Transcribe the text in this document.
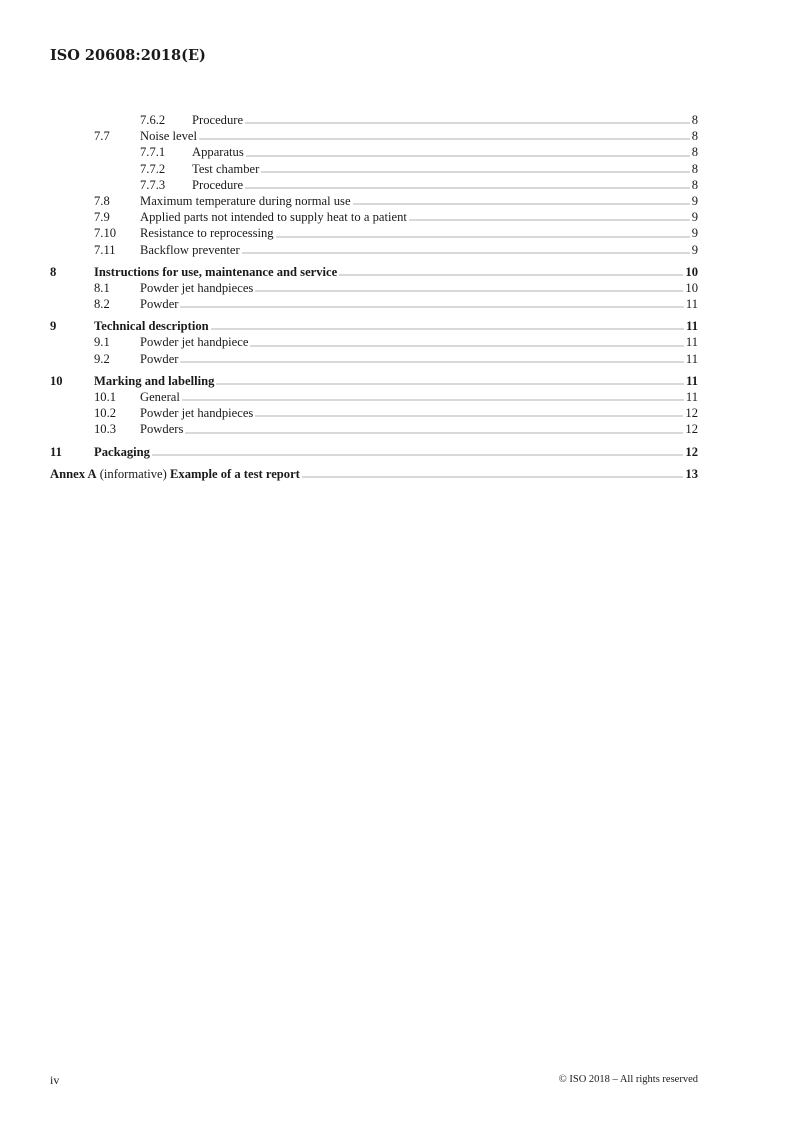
ISO 20608:2018(E)
7.6.2	Procedure	8
7.7	Noise level	8
7.7.1	Apparatus	8
7.7.2	Test chamber	8
7.7.3	Procedure	8
7.8	Maximum temperature during normal use	9
7.9	Applied parts not intended to supply heat to a patient	9
7.10	Resistance to reprocessing	9
7.11	Backflow preventer	9
8	Instructions for use, maintenance and service	10
8.1	Powder jet handpieces	10
8.2	Powder	11
9	Technical description	11
9.1	Powder jet handpiece	11
9.2	Powder	11
10	Marking and labelling	11
10.1	General	11
10.2	Powder jet handpieces	12
10.3	Powders	12
11	Packaging	12
Annex A (informative) Example of a test report	13
iv	© ISO 2018 – All rights reserved
